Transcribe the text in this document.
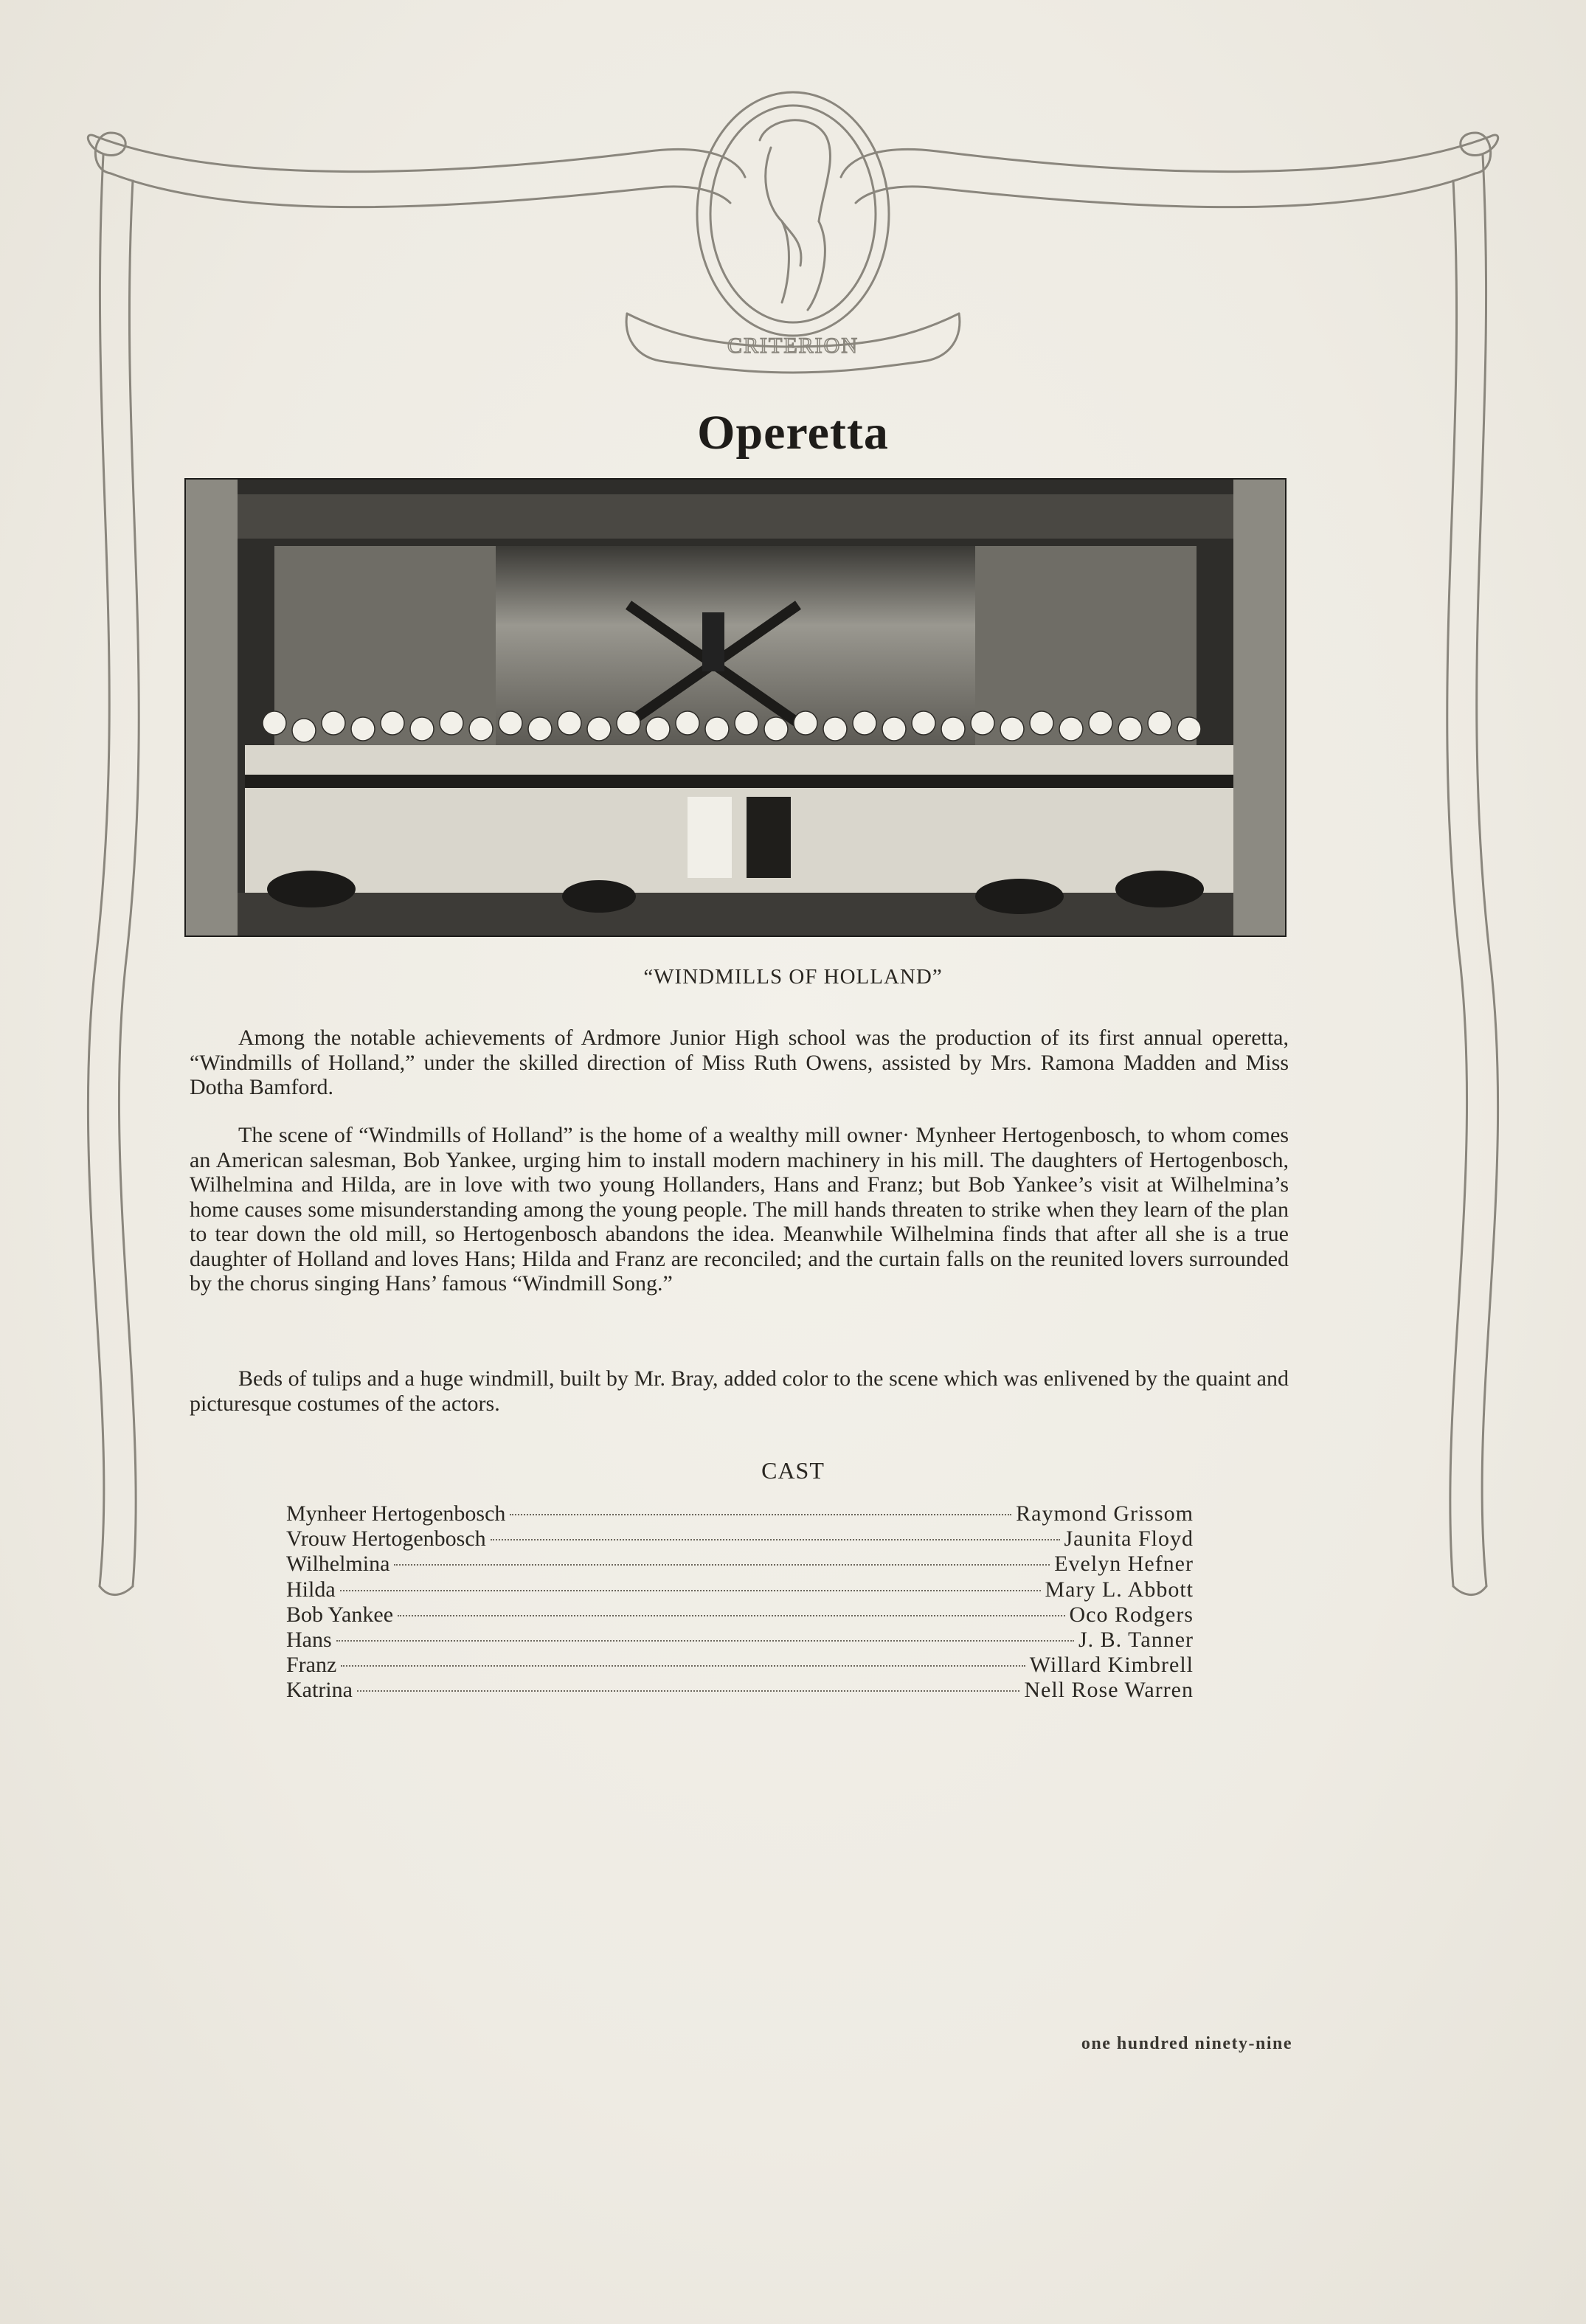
CRITERION
Operetta
“WINDMILLS OF HOLLAND”

Among the notable achievements of Ardmore Junior High school was the production of its first annual operetta, “Windmills of Holland,” under the skilled direction of Miss Ruth Owens, assisted by Mrs. Ramona Madden and Miss Dotha Bamford.

The scene of “Windmills of Holland” is the home of a wealthy mill owner· Mynheer Hertogenbosch, to whom comes an American salesman, Bob Yankee, urging him to install modern machinery in his mill. The daughters of Hertogenbosch, Wilhelmina and Hilda, are in love with two young Hollanders, Hans and Franz; but Bob Yankee’s visit at Wilhelmina’s home causes some misunderstanding among the young people. The mill hands threaten to strike when they learn of the plan to tear down the old mill, so Hertogenbosch abandons the idea. Meanwhile Wilhelmina finds that after all she is a true daughter of Holland and loves Hans; Hilda and Franz are reconciled; and the curtain falls on the reunited lovers surrounded by the chorus singing Hans’ famous “Windmill Song.”

Beds of tulips and a huge windmill, built by Mr. Bray, added color to the scene which was enlivened by the quaint and picturesque costumes of the actors.

CAST
Mynheer Hertogenbosch	Raymond Grissom
Vrouw Hertogenbosch	Jaunita Floyd
Wilhelmina	Evelyn Hefner
Hilda	Mary L. Abbott
Bob Yankee	Oco Rodgers
Hans	J. B. Tanner
Franz	Willard Kimbrell
Katrina	Nell Rose Warren
one hundred ninety-nine
